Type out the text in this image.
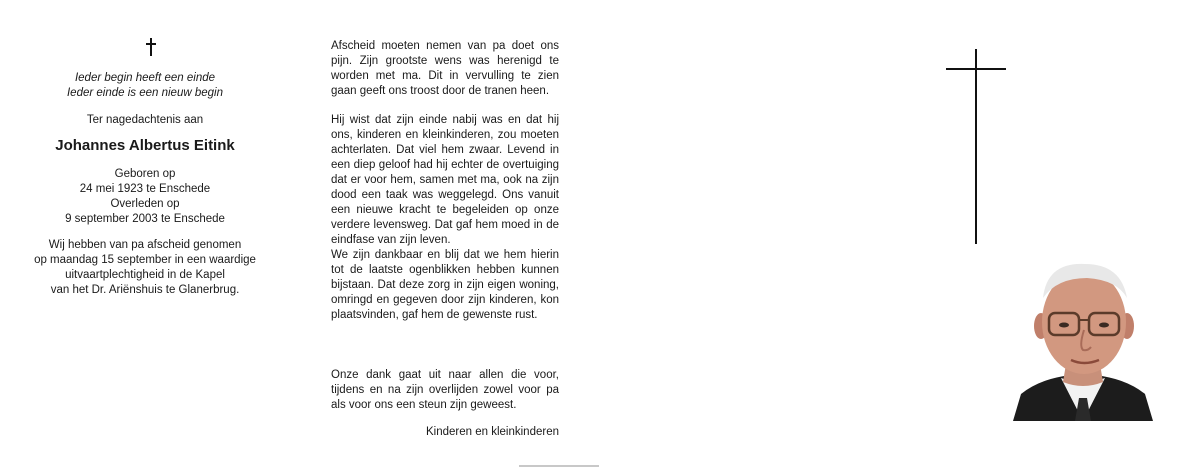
Ieder begin heeft een einde
Ieder einde is een nieuw begin
Ter nagedachtenis aan
Johannes Albertus Eitink
Geboren op
24 mei 1923 te Enschede
Overleden op
9 september 2003 te Enschede
Wij hebben van pa afscheid genomen
op maandag 15 september in een waardige
uitvaartplechtigheid in de Kapel
van het Dr. Ariënshuis te Glanerbrug.

Afscheid moeten nemen van pa doet ons pijn. Zijn grootste wens was herenigd te worden met ma. Dit in vervulling te zien gaan geeft ons troost door de tranen heen.

Hij wist dat zijn einde nabij was en dat hij ons, kinderen en kleinkinderen, zou moeten achterlaten. Dat viel hem zwaar. Levend in een diep geloof had hij echter de overtuiging dat er voor hem, samen met ma, ook na zijn dood een taak was weggelegd. Ons vanuit een nieuwe kracht te begeleiden op onze verdere levensweg. Dat gaf hem moed in de eindfase van zijn leven.

We zijn dankbaar en blij dat we hem hierin tot de laatste ogenblikken hebben kunnen bijstaan. Dat deze zorg in zijn eigen woning, omringd en gegeven door zijn kinderen, kon plaatsvinden, gaf hem de gewenste rust.

Onze dank gaat uit naar allen die voor, tijdens en na zijn overlijden zowel voor pa als voor ons een steun zijn geweest.

Kinderen en kleinkinderen
